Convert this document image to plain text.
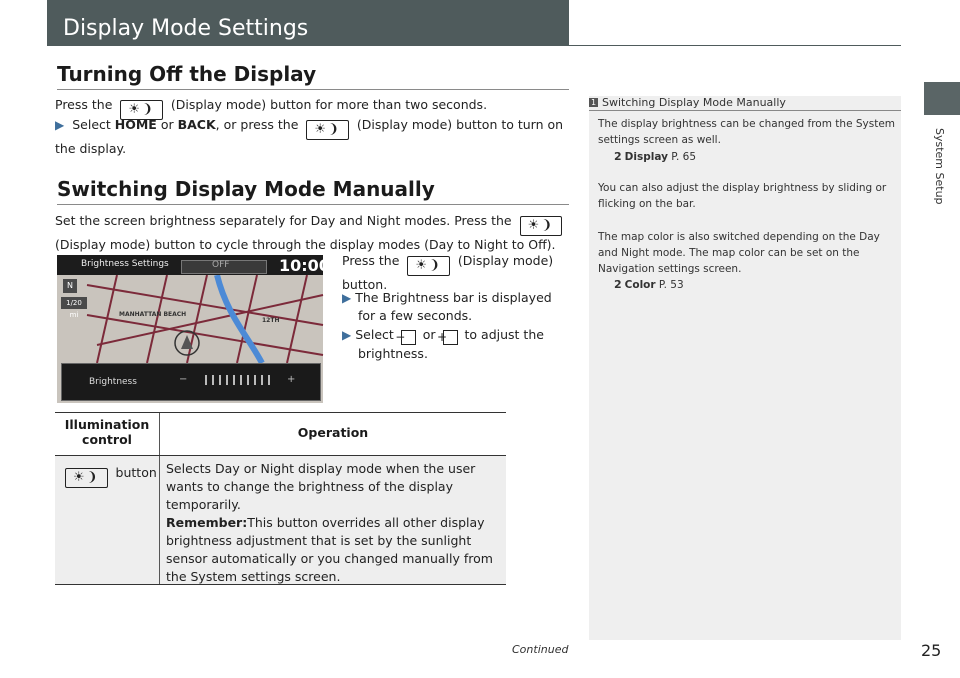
Display Mode Settings
System Setup
Turning Off the Display
Press the ☀︎❩ (Display mode) button for more than two seconds.
▶ Select HOME or BACK, or press the ☀︎❩ (Display mode) button to turn on the display.
Switching Display Mode Manually
Set the screen brightness separately for Day and Night modes. Press the ☀︎❩ (Display mode) button to cycle through the display modes (Day to Night to Off).
Brightness Settings	OFF	10:00
N
1/20 mi	MANHATTAN BEACH
12TH
Brightness	−	+
Press the ☀︎❩ (Display mode) button.
▶ The Brightness bar is displayed for a few seconds.
▶ Select − or + to adjust the brightness.
Illumination control	Operation
☀︎❩ button Selects Day or Night display mode when the user wants to change the brightness of the display temporarily.
Remember:This button overrides all other display brightness adjustment that is set by the sunlight sensor automatically or you changed manually from the System settings screen.
1 Switching Display Mode Manually
The display brightness can be changed from the System settings screen as well.
2 Display P. 65
You can also adjust the display brightness by sliding or flicking on the bar.
The map color is also switched depending on the Day and Night mode. The map color can be set on the Navigation settings screen.
2 Color P. 53
Continued	25
